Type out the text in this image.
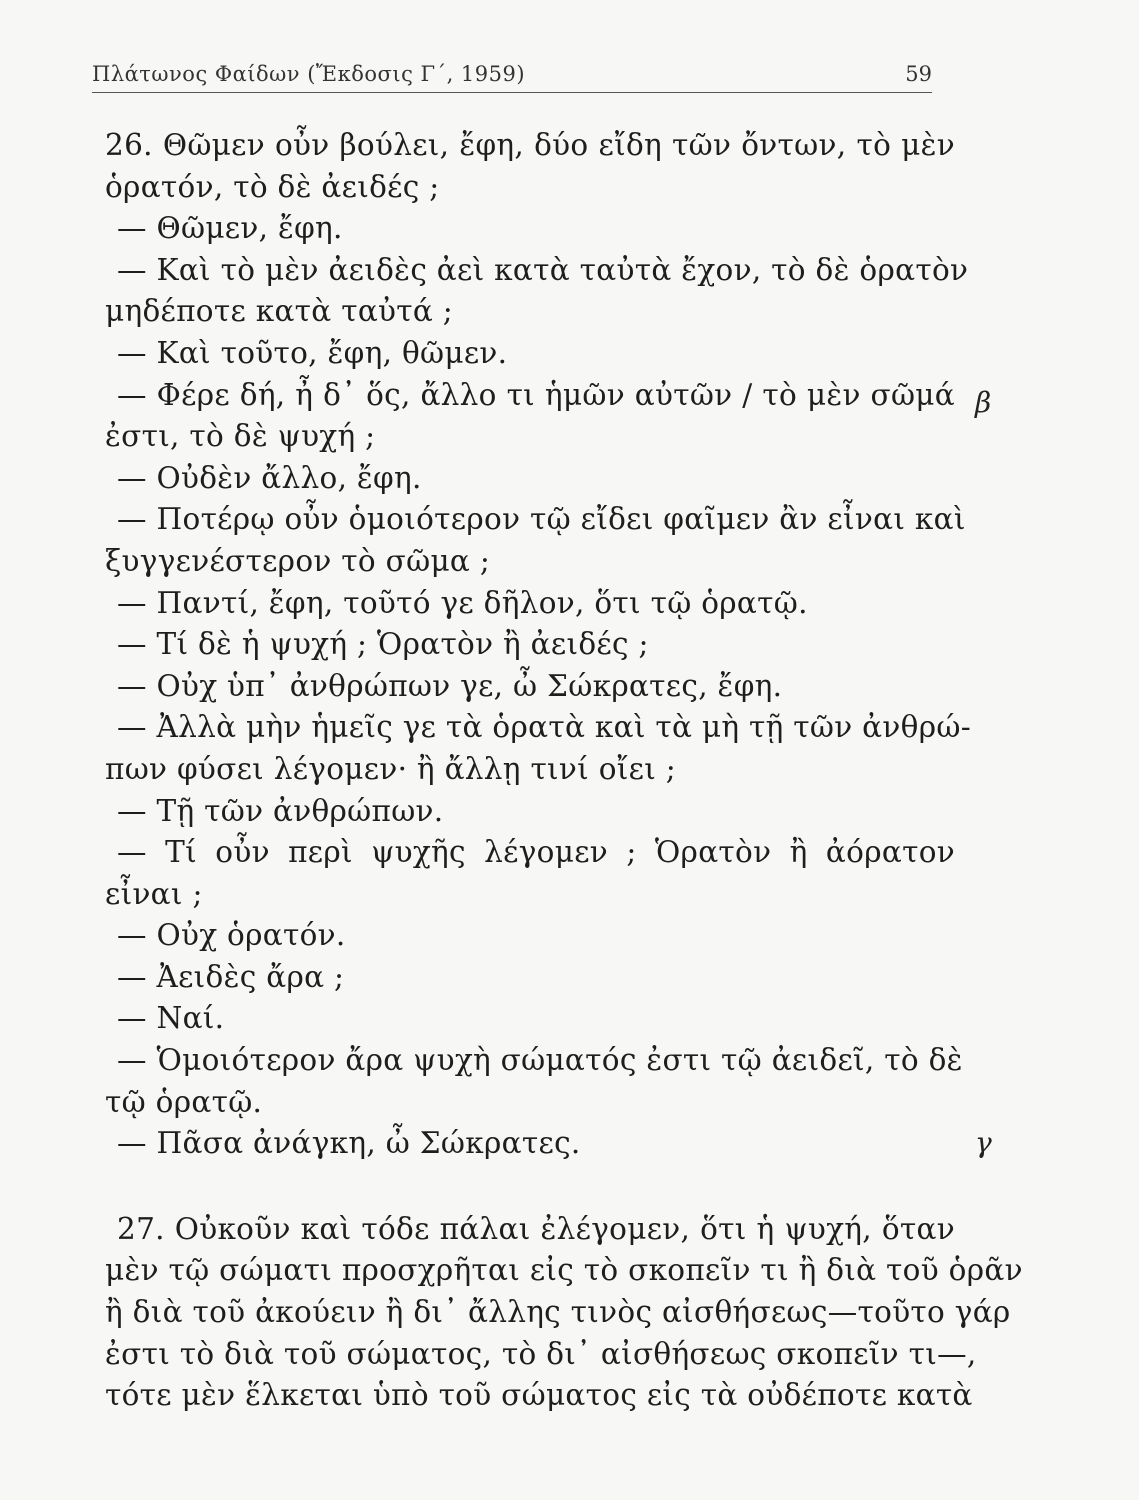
Πλάτωνος Φαίδων (Ἔκδοσις Γ΄, 1959)	59
26. Θῶμεν οὖν βούλει, ἔφη, δύο εἴδη τῶν ὄντων, τὸ μὲν
ὁρατόν, τὸ δὲ ἀειδές ;
— Θῶμεν, ἔφη.
— Καὶ τὸ μὲν ἀειδὲς ἀεὶ κατὰ ταὐτὰ ἔχον, τὸ δὲ ὁρατὸν
μηδέποτε κατὰ ταὐτά ;
— Καὶ τοῦτο, ἔφη, θῶμεν.
— Φέρε δή, ἦ δ᾽ ὅς, ἄλλο τι ἡμῶν αὐτῶν / τὸ μὲν σῶμά
ἐστι, τὸ δὲ ψυχή ;
— Οὐδὲν ἄλλο, ἔφη.
— Ποτέρῳ οὖν ὁμοιότερον τῷ εἴδει φαῖμεν ἂν εἶναι καὶ
ξυγγενέστερον τὸ σῶμα ;
— Παντί, ἔφη, τοῦτό γε δῆλον, ὅτι τῷ ὁρατῷ.
— Τί δὲ ἡ ψυχή ; Ὁρατὸν ἢ ἀειδές ;
— Οὐχ ὑπ᾽ ἀνθρώπων γε, ὦ Σώκρατες, ἔφη.
— Ἀλλὰ μὴν ἡμεῖς γε τὰ ὁρατὰ καὶ τὰ μὴ τῇ τῶν ἀνθρώ-
πων φύσει λέγομεν· ἢ ἄλλῃ τινί οἴει ;
— Τῇ τῶν ἀνθρώπων.
— Τί οὖν περὶ ψυχῆς λέγομεν ; Ὁρατὸν ἢ ἀόρατον
εἶναι ;
— Οὐχ ὁρατόν.
— Ἀειδὲς ἄρα ;
— Ναί.
— Ὁμοιότερον ἄρα ψυχὴ σώματός ἐστι τῷ ἀειδεῖ, τὸ δὲ
τῷ ὁρατῷ.
— Πᾶσα ἀνάγκη, ὦ Σώκρατες.
27. Οὐκοῦν καὶ τόδε πάλαι ἐλέγομεν, ὅτι ἡ ψυχή, ὅταν
μὲν τῷ σώματι προσχρῆται εἰς τὸ σκοπεῖν τι ἢ διὰ τοῦ ὁρᾶν
ἢ διὰ τοῦ ἀκούειν ἢ δι᾽ ἄλλης τινὸς αἰσθήσεως—τοῦτο γάρ
ἐστι τὸ διὰ τοῦ σώματος, τὸ δι᾽ αἰσθήσεως σκοπεῖν τι—,
τότε μὲν ἕλκεται ὑπὸ τοῦ σώματος εἰς τὰ οὐδέποτε κατὰ
β
γ
